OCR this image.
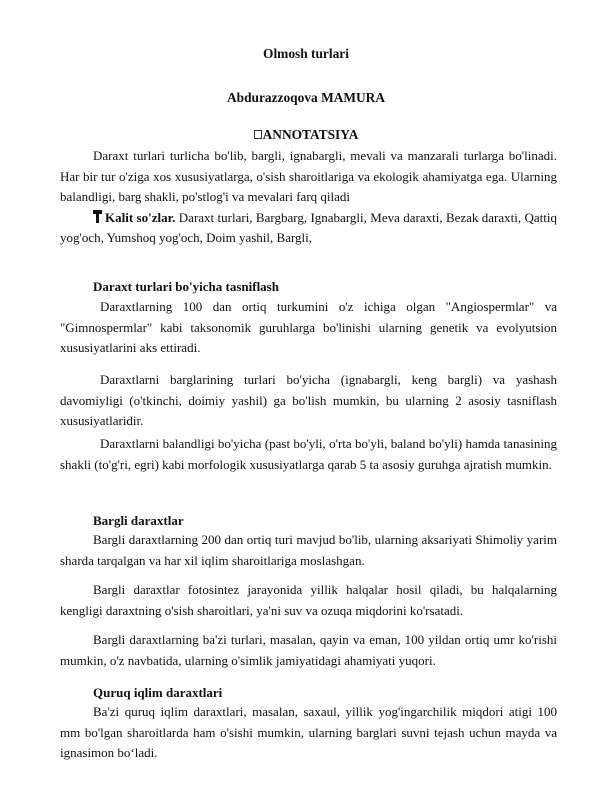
Olmosh turlari
Abdurazzoqova MAMURA
ANNOTATSIYA

Daraxt turlari turlicha bo'lib, bargli, ignabargli, mevali va manzarali turlarga bo'linadi. Har bir tur o'ziga xos xususiyatlarga, o'sish sharoitlariga va ekologik ahamiyatga ega. Ularning balandligi, barg shakli, po'stlog'i va mevalari farq qiladi

Kalit so'zlar. Daraxt turlari, Bargbarg, Ignabargli, Meva daraxti, Bezak daraxti, Qattiq yog'och, Yumshoq yog'och, Doim yashil, Bargli,

Daraxt turlari bo'yicha tasniflash

Daraxtlarning 100 dan ortiq turkumini o'z ichiga olgan "Angiospermlar" va "Gimnospermlar" kabi taksonomik guruhlarga bo'linishi ularning genetik va evolyutsion xususiyatlarini aks ettiradi.

Daraxtlarni barglarining turlari bo'yicha (ignabargli, keng bargli) va yashash davomiyligi (o'tkinchi, doimiy yashil) ga bo'lish mumkin, bu ularning 2 asosiy tasniflash xususiyatlaridir.

Daraxtlarni balandligi bo'yicha (past bo'yli, o'rta bo'yli, baland bo'yli) hamda tanasining shakli (to'g'ri, egri) kabi morfologik xususiyatlarga qarab 5 ta asosiy guruhga ajratish mumkin.

Bargli daraxtlar

Bargli daraxtlarning 200 dan ortiq turi mavjud bo'lib, ularning aksariyati Shimoliy yarim sharda tarqalgan va har xil iqlim sharoitlariga moslashgan.

Bargli daraxtlar fotosintez jarayonida yillik halqalar hosil qiladi, bu halqalarning kengligi daraxtning o'sish sharoitlari, ya'ni suv va ozuqa miqdorini ko'rsatadi.

Bargli daraxtlarning ba'zi turlari, masalan, qayin va eman, 100 yildan ortiq umr ko'rishi mumkin, o'z navbatida, ularning o'simlik jamiyatidagi ahamiyati yuqori.

Quruq iqlim daraxtlari

Ba'zi quruq iqlim daraxtlari, masalan, saxaul, yillik yog'ingarchilik miqdori atigi 100 mm bo'lgan sharoitlarda ham o'sishi mumkin, ularning barglari suvni tejash uchun mayda va ignasimon bo‘ladi.
